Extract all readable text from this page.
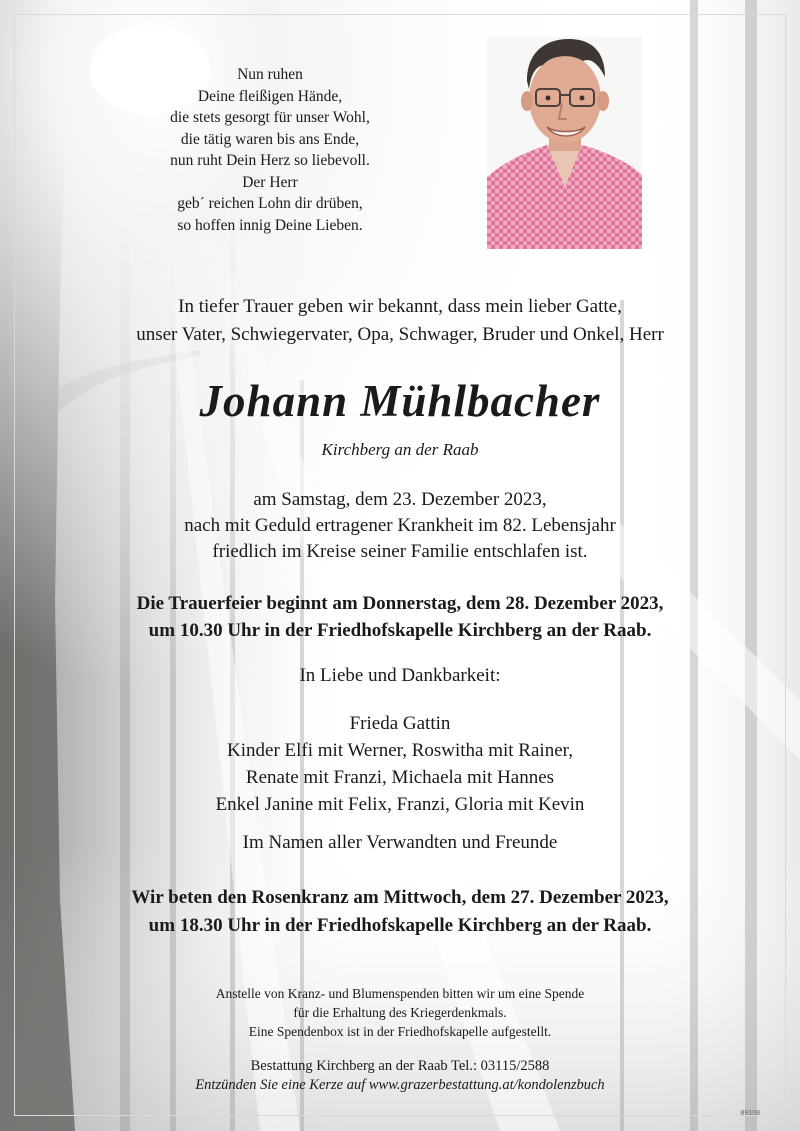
Nun ruhen
Deine fleißigen Hände,
die stets gesorgt für unser Wohl,
die tätig waren bis ans Ende,
nun ruht Dein Herz so liebevoll.
Der Herr
geb´ reichen Lohn dir drüben,
so hoffen innig Deine Lieben.
In tiefer Trauer geben wir bekannt, dass mein lieber Gatte,
unser Vater, Schwiegervater, Opa, Schwager, Bruder und Onkel, Herr
Johann Mühlbacher
Kirchberg an der Raab
am Samstag, dem 23. Dezember 2023,
nach mit Geduld ertragener Krankheit im 82. Lebensjahr
friedlich im Kreise seiner Familie entschlafen ist.
Die Trauerfeier beginnt am Donnerstag, dem 28. Dezember 2023,
um 10.30 Uhr in der Friedhofskapelle Kirchberg an der Raab.
In Liebe und Dankbarkeit:
Frieda Gattin
Kinder Elfi mit Werner, Roswitha mit Rainer,
Renate mit Franzi, Michaela mit Hannes
Enkel Janine mit Felix, Franzi, Gloria mit Kevin
Im Namen aller Verwandten und Freunde
Wir beten den Rosenkranz am Mittwoch, dem 27. Dezember 2023,
um 18.30 Uhr in der Friedhofskapelle Kirchberg an der Raab.
Anstelle von Kranz- und Blumenspenden bitten wir um eine Spende
für die Erhaltung des Kriegerdenkmals.
Eine Spendenbox ist in der Friedhofskapelle aufgestellt.
Bestattung Kirchberg an der Raab Tel.: 03115/2588
Entzünden Sie eine Kerze auf www.grazerbestattung.at/kondolenzbuch
89108
